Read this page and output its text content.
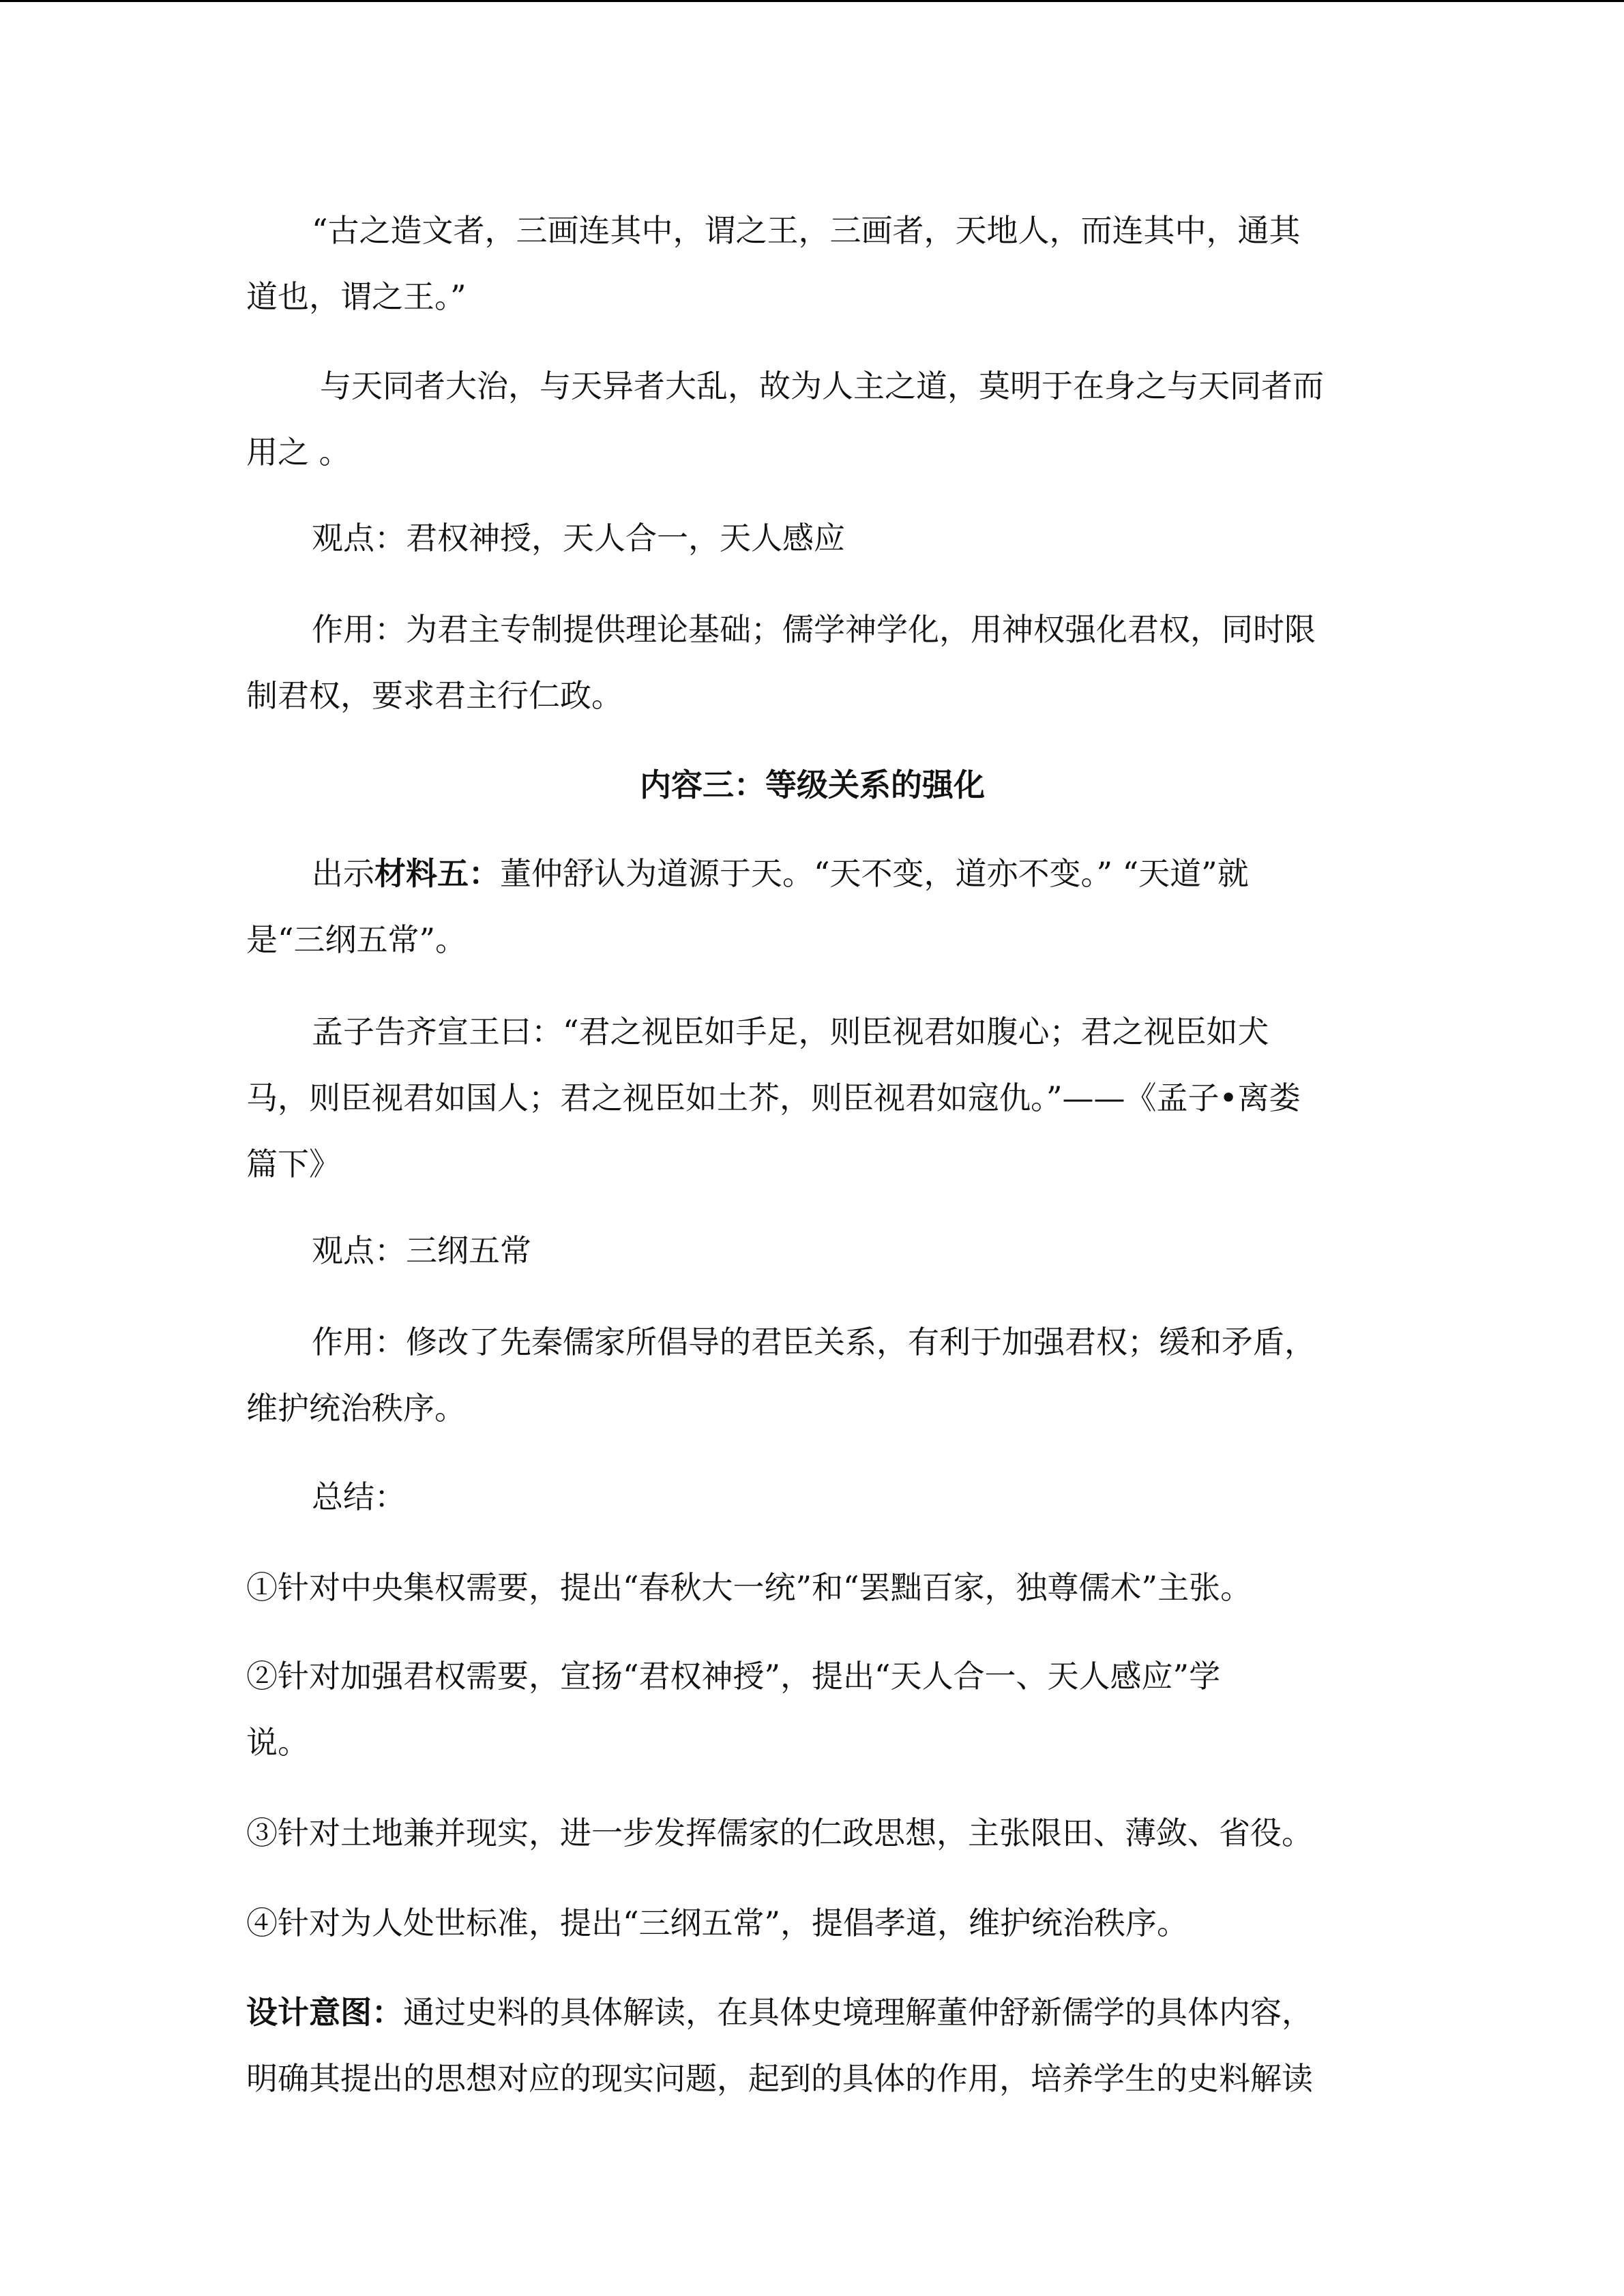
“古之造文者，三画连其中，谓之王，三画者，天地人，而连其中，通其
道也，谓之王。”

与天同者大治，与天异者大乱，故为人主之道，莫明于在身之与天同者而
用之 。

观点：君权神授，天人合一，天人感应

作用：为君主专制提供理论基础；儒学神学化，用神权强化君权，同时限
制君权，要求君主行仁政。

内容三：等级关系的强化

出示材料五：董仲舒认为道源于天。“天不变，道亦不变。” “天道”就
是“三纲五常”。

孟子告齐宣王曰：“君之视臣如手足，则臣视君如腹心；君之视臣如犬
马，则臣视君如国人；君之视臣如土芥，则臣视君如寇仇。”——《孟子•离娄
篇下》

观点：三纲五常

作用：修改了先秦儒家所倡导的君臣关系，有利于加强君权；缓和矛盾，
维护统治秩序。

总结：

①针对中央集权需要，提出“春秋大一统”和“罢黜百家，独尊儒术”主张。

②针对加强君权需要，宣扬“君权神授”，提出“天人合一、天人感应”学
说。

③针对土地兼并现实，进一步发挥儒家的仁政思想，主张限田、薄敛、省役。

④针对为人处世标准，提出“三纲五常”，提倡孝道，维护统治秩序。

设计意图：通过史料的具体解读，在具体史境理解董仲舒新儒学的具体内容，
明确其提出的思想对应的现实问题，起到的具体的作用，培养学生的史料解读
